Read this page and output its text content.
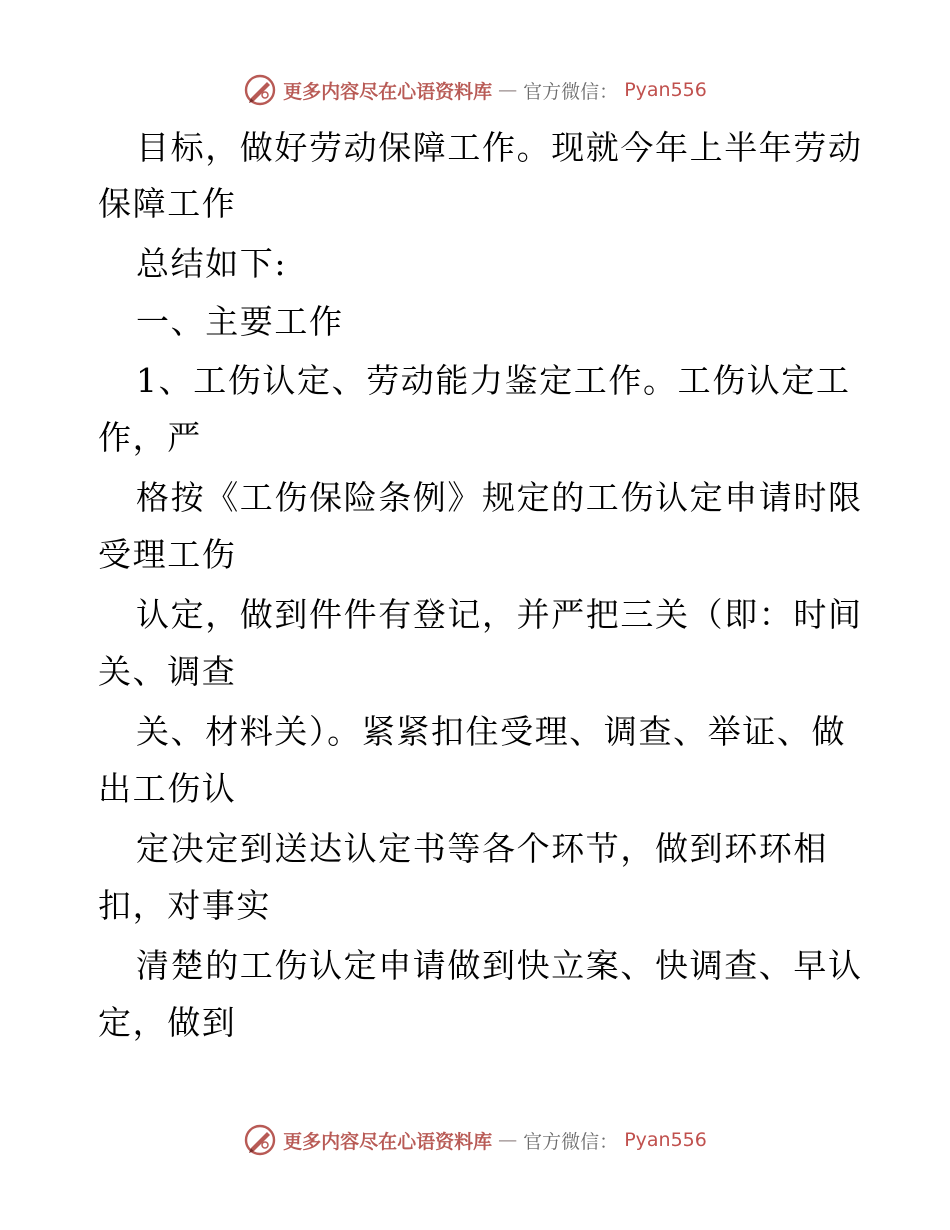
更多内容尽在心语资料库 — 官方微信： Pyan556
目标，做好劳动保障工作。现就今年上半年劳动
保障工作
总结如下:
一、主要工作
1、工伤认定、劳动能力鉴定工作。工伤认定工
作，严
格按《工伤保险条例》规定的工伤认定申请时限
受理工伤
认定，做到件件有登记，并严把三关（即：时间
关、调查
关、材料关）。紧紧扣住受理、调查、举证、做
出工伤认
定决定到送达认定书等各个环节，做到环环相
扣，对事实
清楚的工伤认定申请做到快立案、快调查、早认
定，做到
更多内容尽在心语资料库 — 官方微信： Pyan556
